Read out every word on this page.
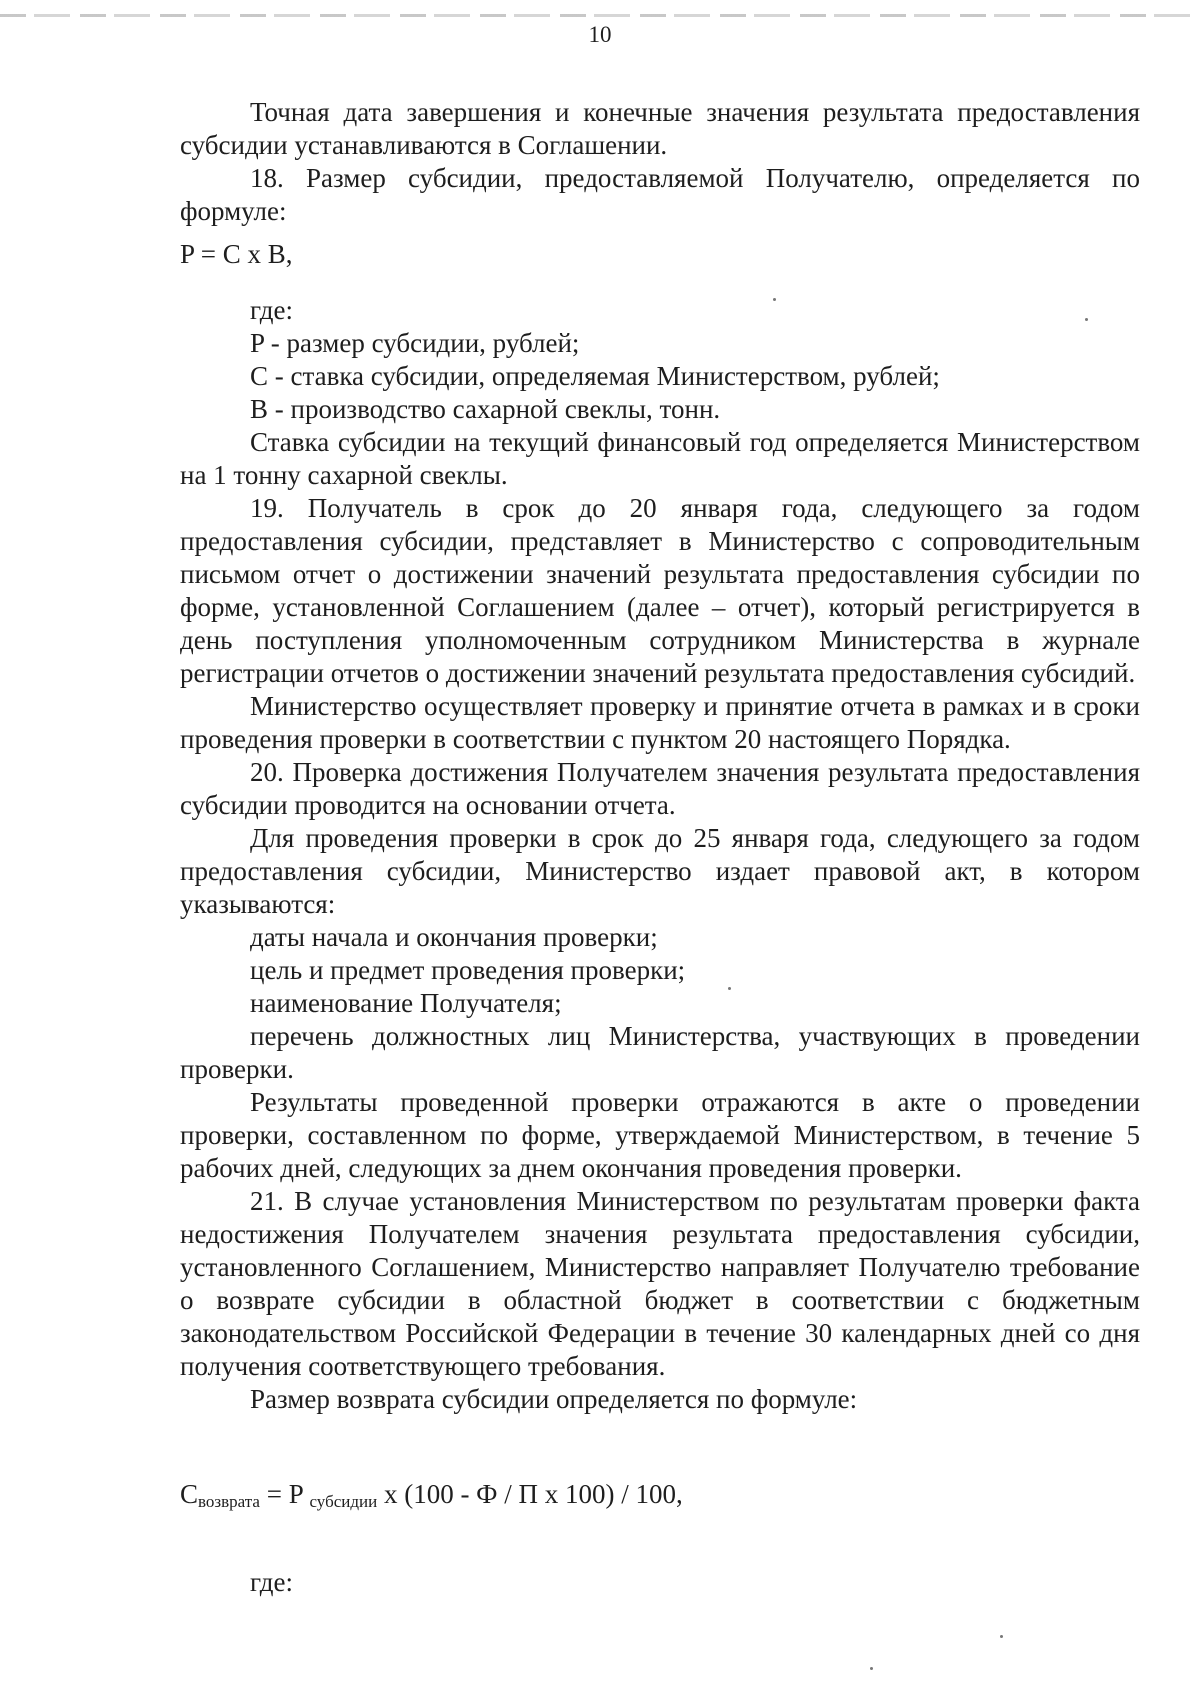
10

Точная дата завершения и конечные значения результата предоставления субсидии устанавливаются в Соглашении.

18. Размер субсидии, предоставляемой Получателю, определяется по формуле:

P = C x B,

где:

P - размер субсидии, рублей;

C - ставка субсидии, определяемая Министерством, рублей;

B - производство сахарной свеклы, тонн.

Ставка субсидии на текущий финансовый год определяется Министерством на 1 тонну сахарной свеклы.

19. Получатель в срок до 20 января года, следующего за годом предоставления субсидии, представляет в Министерство с сопроводительным письмом отчет о достижении значений результата предоставления субсидии по форме, установленной Соглашением (далее – отчет), который регистрируется в день поступления уполномоченным сотрудником Министерства в журнале регистрации отчетов о достижении значений результата предоставления субсидий.

Министерство осуществляет проверку и принятие отчета в рамках и в сроки проведения проверки в соответствии с пунктом 20 настоящего Порядка.

20. Проверка достижения Получателем значения результата предоставления субсидии проводится на основании отчета.

Для проведения проверки в срок до 25 января года, следующего за годом предоставления субсидии, Министерство издает правовой акт, в котором указываются:

даты начала и окончания проверки;

цель и предмет проведения проверки;

наименование Получателя;

перечень должностных лиц Министерства, участвующих в проведении проверки.

Результаты проведенной проверки отражаются в акте о проведении проверки, составленном по форме, утверждаемой Министерством, в течение 5 рабочих дней, следующих за днем окончания проведения проверки.

21. В случае установления Министерством по результатам проверки факта недостижения Получателем значения результата предоставления субсидии, установленного Соглашением, Министерство направляет Получателю требование о возврате субсидии в областной бюджет в соответствии с бюджетным законодательством Российской Федерации в течение 30 календарных дней со дня получения соответствующего требования.

Размер возврата субсидии определяется по формуле:

$C_{возврата} = P$ $_{субсидии}$ x (100 - Ф / П x 100) / 100,

где:
